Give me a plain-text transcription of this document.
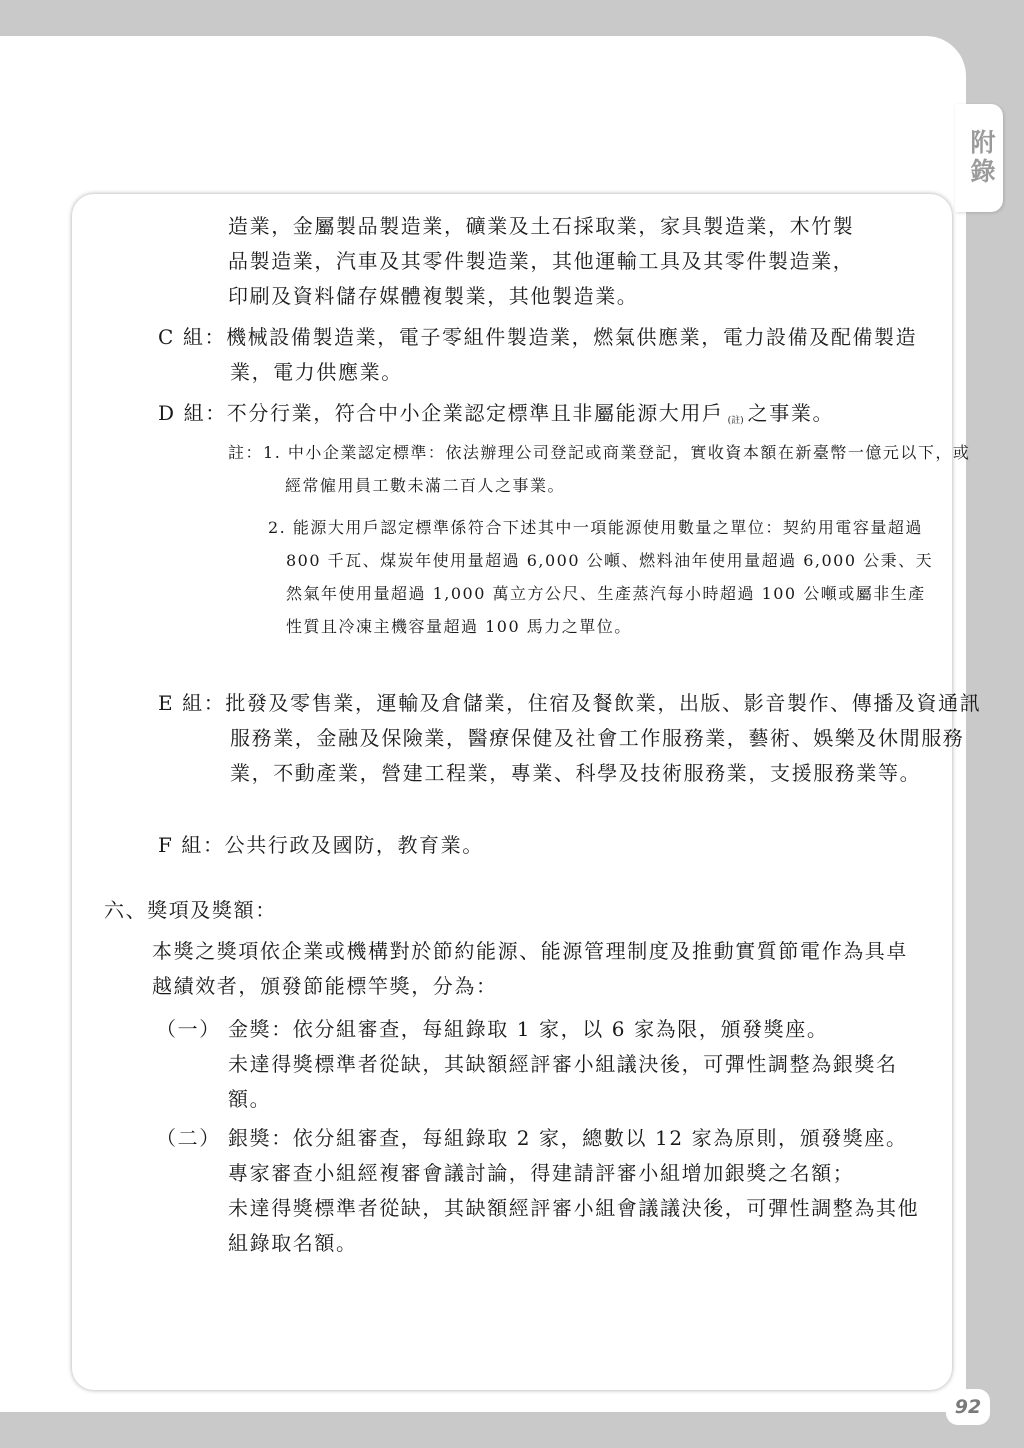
附
錄

造業，金屬製品製造業，礦業及土石採取業，家具製造業，木竹製

品製造業，汽車及其零件製造業，其他運輸工具及其零件製造業，

印刷及資料儲存媒體複製業，其他製造業。

C 組：機械設備製造業，電子零組件製造業，燃氣供應業，電力設備及配備製造業，電力供應業。

D 組：不分行業，符合中小企業認定標準且非屬能源大用戶 $_{(註)}$ 之事業。

註：1. 中小企業認定標準：依法辦理公司登記或商業登記，實收資本額在新臺幣一億元以下，或經常僱用員工數未滿二百人之事業。

2. 能源大用戶認定標準係符合下述其中一項能源使用數量之單位：契約用電容量超過 800 千瓦、煤炭年使用量超過 6,000 公噸、燃料油年使用量超過 6,000 公秉、天然氣年使用量超過 1,000 萬立方公尺、生產蒸汽每小時超過 100 公噸或屬非生產性質且冷凍主機容量超過 100 馬力之單位。

E 組：批發及零售業，運輸及倉儲業，住宿及餐飲業，出版、影音製作、傳播及資通訊服務業，金融及保險業，醫療保健及社會工作服務業，藝術、娛樂及休閒服務業，不動產業，營建工程業，專業、科學及技術服務業，支援服務業等。

F 組：公共行政及國防，教育業。

六、獎項及獎額：

本獎之獎項依企業或機構對於節約能源、能源管理制度及推動實質節電作為具卓越績效者，頒發節能標竿獎，分為：

（一） 金獎：依分組審查，每組錄取 1 家，以 6 家為限，頒發獎座。

未達得獎標準者從缺，其缺額經評審小組議決後，可彈性調整為銀獎名額。

（二） 銀獎：依分組審查，每組錄取 2 家，總數以 12 家為原則，頒發獎座。

專家審查小組經複審會議討論，得建請評審小組增加銀獎之名額；

未達得獎標準者從缺，其缺額經評審小組會議議決後，可彈性調整為其他組錄取名額。

92
